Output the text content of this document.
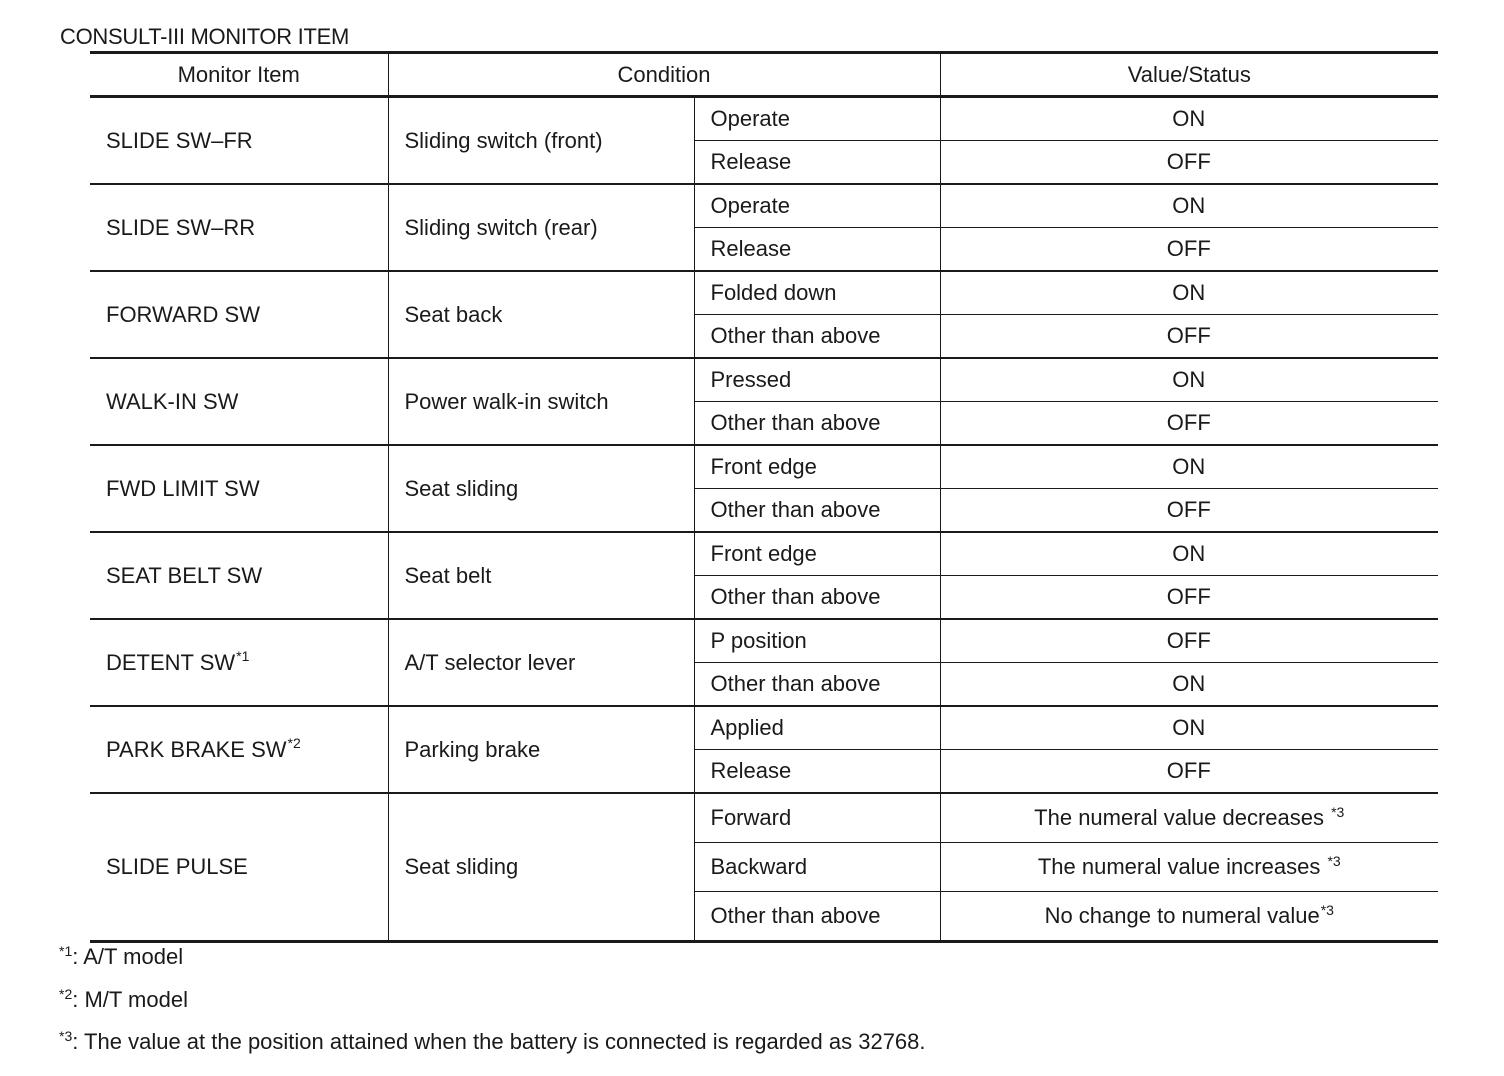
CONSULT-III MONITOR ITEM
Monitor Item	Condition		Value/Status
SLIDE SW–FR	Sliding switch (front)	Operate	ON
		Release	OFF
SLIDE SW–RR	Sliding switch (rear)	Operate	ON
		Release	OFF
FORWARD SW	Seat back	Folded down	ON
		Other than above	OFF
WALK-IN SW	Power walk-in switch	Pressed	ON
		Other than above	OFF
FWD LIMIT SW	Seat sliding	Front edge	ON
		Other than above	OFF
SEAT BELT SW	Seat belt	Front edge	ON
		Other than above	OFF
DETENT SW$^{*1}$	A/T selector lever	P position	OFF
		Other than above	ON
PARK BRAKE SW$^{*2}$	Parking brake	Applied	ON
		Release	OFF
SLIDE PULSE	Seat sliding	Forward	The numeral value decreases $^{*3}$
		Backward	The numeral value increases $^{*3}$
		Other than above	No change to numeral value$^{*3}$
$^{*1}$: A/T model
$^{*2}$: M/T model
$^{*3}$: The value at the position attained when the battery is connected is regarded as 32768.
